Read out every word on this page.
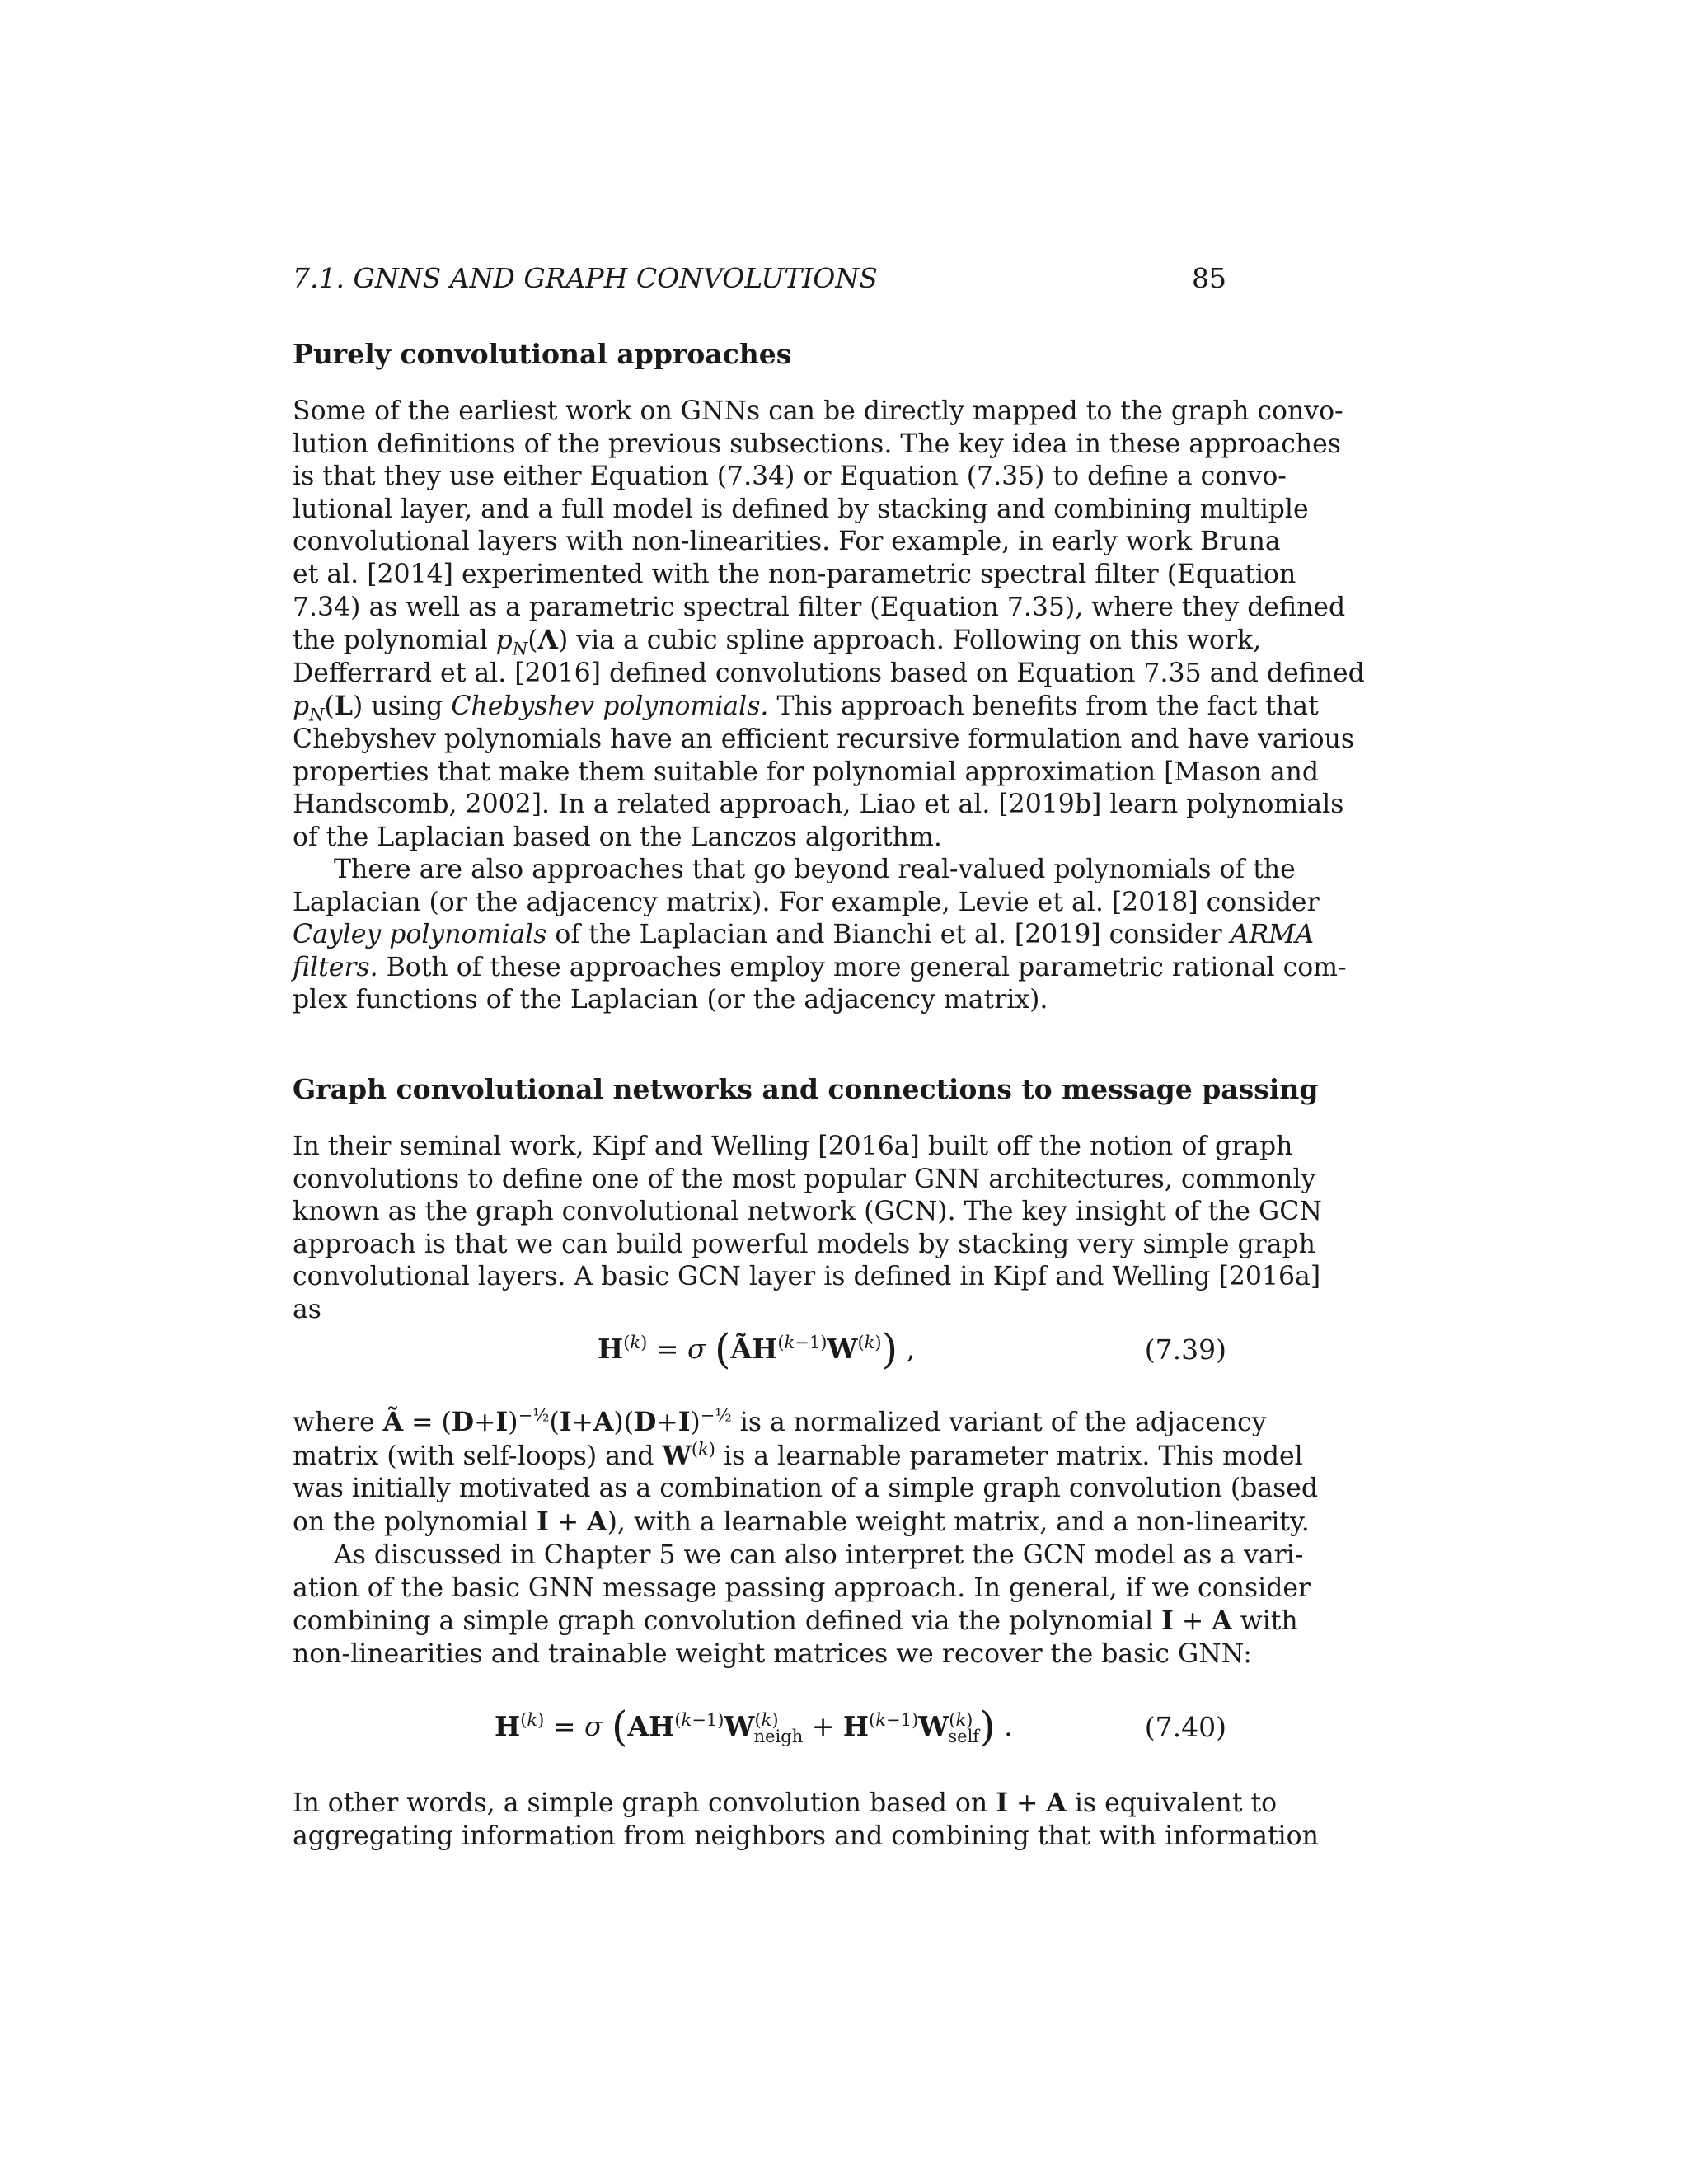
7.1. GNNS AND GRAPH CONVOLUTIONS	85
Purely convolutional approaches
Some of the earliest work on GNNs can be directly mapped to the graph convo-
lution definitions of the previous subsections. The key idea in these approaches
is that they use either Equation (7.34) or Equation (7.35) to define a convo-
lutional layer, and a full model is defined by stacking and combining multiple
convolutional layers with non-linearities. For example, in early work Bruna
et al. [2014] experimented with the non-parametric spectral filter (Equation
7.34) as well as a parametric spectral filter (Equation 7.35), where they defined
the polynomial $p_N(\Lambda)$ via a cubic spline approach. Following on this work,
Defferrard et al. [2016] defined convolutions based on Equation 7.35 and defined
$p_N(L)$ using Chebyshev polynomials. This approach benefits from the fact that
Chebyshev polynomials have an efficient recursive formulation and have various
properties that make them suitable for polynomial approximation [Mason and
Handscomb, 2002]. In a related approach, Liao et al. [2019b] learn polynomials
of the Laplacian based on the Lanczos algorithm.
There are also approaches that go beyond real-valued polynomials of the
Laplacian (or the adjacency matrix). For example, Levie et al. [2018] consider
Cayley polynomials of the Laplacian and Bianchi et al. [2019] consider ARMA
filters. Both of these approaches employ more general parametric rational com-
plex functions of the Laplacian (or the adjacency matrix).
Graph convolutional networks and connections to message passing
In their seminal work, Kipf and Welling [2016a] built off the notion of graph
convolutions to define one of the most popular GNN architectures, commonly
known as the graph convolutional network (GCN). The key insight of the GCN
approach is that we can build powerful models by stacking very simple graph
convolutional layers. A basic GCN layer is defined in Kipf and Welling [2016a]
as
$H^{(k)} = \sigma$ $(ÃH^{(k-1)}W^{(k)})$ ,	(7.39)
where Ã = $(D+I)^{-\frac{1}{2}}(I+A)(D+I)^{-\frac{1}{2}}$ is a normalized variant of the adjacency
matrix (with self-loops) and $W^{(k)}$ is a learnable parameter matrix. This model
was initially motivated as a combination of a simple graph convolution (based
on the polynomial I + A), with a learnable weight matrix, and a non-linearity.
As discussed in Chapter 5 we can also interpret the GCN model as a vari-
ation of the basic GNN message passing approach. In general, if we consider
combining a simple graph convolution defined via the polynomial I + A with
non-linearities and trainable weight matrices we recover the basic GNN:
$H^{(k)} = \sigma$ $(AH^{(k-1)}W^{(k)}_{neigh} + H^{(k-1)}W^{(k)}_{self})$ .	(7.40)
In other words, a simple graph convolution based on I + A is equivalent to
aggregating information from neighbors and combining that with information
